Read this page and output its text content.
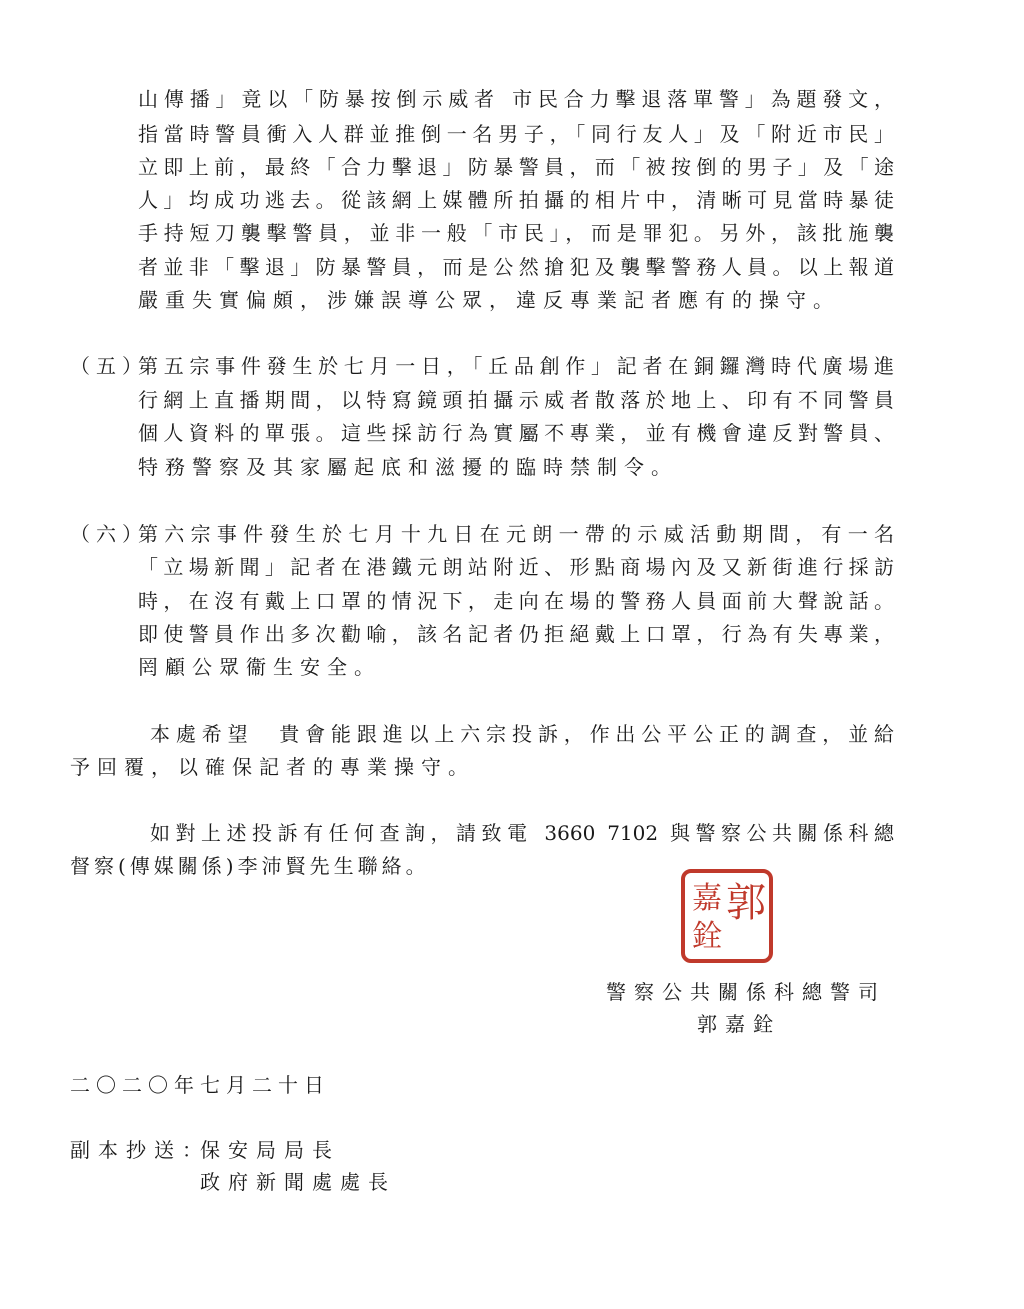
山傳播」竟以「防暴按倒示威者 市民合力擊退落單警」為題發文，
指當時警員衝入人群並推倒一名男子，「同行友人」及「附近市民」
立即上前，最終「合力擊退」防暴警員，而「被按倒的男子」及「途
人」均成功逃去。從該網上媒體所拍攝的相片中，清晰可見當時暴徒
手持短刀襲擊警員，並非一般「市民」，而是罪犯。另外，該批施襲
者並非「擊退」防暴警員，而是公然搶犯及襲擊警務人員。以上報道
嚴重失實偏頗，涉嫌誤導公眾，違反專業記者應有的操守。
（五）
第五宗事件發生於七月一日，「丘品創作」記者在銅鑼灣時代廣場進
行網上直播期間，以特寫鏡頭拍攝示威者散落於地上、印有不同警員
個人資料的單張。這些採訪行為實屬不專業，並有機會違反對警員、
特務警察及其家屬起底和滋擾的臨時禁制令。
（六）
第六宗事件發生於七月十九日在元朗一帶的示威活動期間，有一名
「立場新聞」記者在港鐵元朗站附近、形點商場內及又新街進行採訪
時，在沒有戴上口罩的情況下，走向在場的警務人員面前大聲說話。
即使警員作出多次勸喻，該名記者仍拒絕戴上口罩，行為有失專業，
罔顧公眾衞生安全。
本處希望　貴會能跟進以上六宗投訴，作出公平公正的調查，並給
予回覆，以確保記者的專業操守。
如對上述投訴有任何查詢，請致電 3660 7102 與警察公共關係科總
督察(傳媒關係)李沛賢先生聯絡。
郭
嘉
銓
警察公共關係科總警司
郭嘉銓
二〇二〇年七月二十日
副本抄送：
保安局局長
政府新聞處處長
